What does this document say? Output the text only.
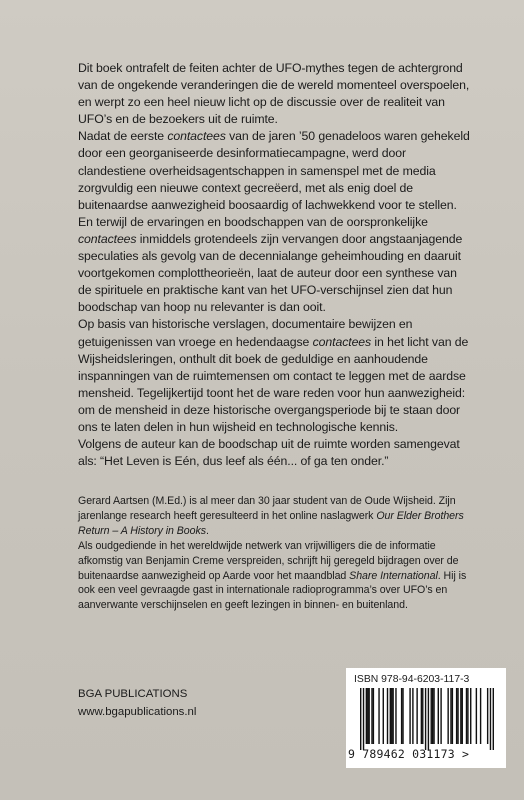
Dit boek ontrafelt de feiten achter de UFO-mythes tegen de achtergrond van de ongekende veranderingen die de wereld momenteel overspoelen, en werpt zo een heel nieuw licht op de discussie over de realiteit van UFO’s en de bezoekers uit de ruimte.

Nadat de eerste contactees van de jaren ’50 genadeloos waren gehekeld door een georganiseerde desinformatiecampagne, werd door clandestiene overheidsagentschappen in samenspel met de media zorgvuldig een nieuwe context gecreëerd, met als enig doel de buitenaardse aanwezigheid boosaardig of lachwekkend voor te stellen. En terwijl de ervaringen en boodschappen van de oorspronkelijke contactees inmiddels grotendeels zijn vervangen door angstaanjagende speculaties als gevolg van de decennialange geheimhouding en daaruit voortgekomen complottheorieën, laat de auteur door een synthese van de spirituele en praktische kant van het UFO-verschijnsel zien dat hun boodschap van hoop nu relevanter is dan ooit.

Op basis van historische verslagen, documentaire bewijzen en getuigenissen van vroege en hedendaagse contactees in het licht van de Wijsheidsleringen, onthult dit boek de geduldige en aanhoudende inspanningen van de ruimtemensen om contact te leggen met de aardse mensheid. Tegelijkertijd toont het de ware reden voor hun aanwezigheid: om de mensheid in deze historische overgangsperiode bij te staan door ons te laten delen in hun wijsheid en technologische kennis.

Volgens de auteur kan de boodschap uit de ruimte worden samengevat als: “Het Leven is Eén, dus leef als één... of ga ten onder.”

Gerard Aartsen (M.Ed.) is al meer dan 30 jaar student van de Oude Wijsheid. Zijn jarenlange research heeft geresulteerd in het online naslagwerk Our Elder Brothers Return – A History in Books.

Als oudgediende in het wereldwijde netwerk van vrijwilligers die de informatie afkomstig van Benjamin Creme verspreiden, schrijft hij geregeld bijdragen over de buitenaardse aanwezigheid op Aarde voor het maandblad Share International. Hij is ook een veel gevraagde gast in internationale radioprogramma’s over UFO’s en aanverwante verschijnselen en geeft lezingen in binnen- en buitenland.

BGA PUBLICATIONS
www.bgapublications.nl
ISBN 978-94-6203-117-3
9 789462 031173 >
